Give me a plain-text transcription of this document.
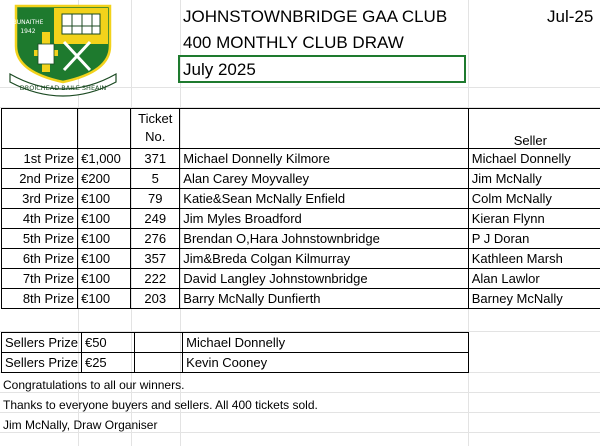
DROICHEAD BAILE SHEAIN
BUNAITHE
1942
JOHNSTOWNBRIDGE GAA CLUB	Jul-25
400 MONTHLY CLUB DRAW
July 2025
		Ticket No.		Seller
1st Prize	€1,000	371	Michael Donnelly Kilmore	Michael Donnelly
2nd Prize	€200	5	Alan Carey Moyvalley	Jim McNally
3rd Prize	€100	79	Katie&Sean McNally Enfield	Colm McNally
4th Prize	€100	249	Jim Myles Broadford	Kieran Flynn
5th Prize	€100	276	Brendan O,Hara Johnstownbridge	P J Doran
6th Prize	€100	357	Jim&Breda Colgan Kilmurray	Kathleen Marsh
7th Prize	€100	222	David Langley Johnstownbridge	Alan Lawlor
8th Prize	€100	203	Barry McNally Dunfierth	Barney McNally
Sellers Prize	€50		Michael Donnelly
Sellers Prize	€25		Kevin Cooney
Congratulations to all our winners.
Thanks to everyone buyers and sellers. All 400 tickets sold.
Jim McNally, Draw Organiser
